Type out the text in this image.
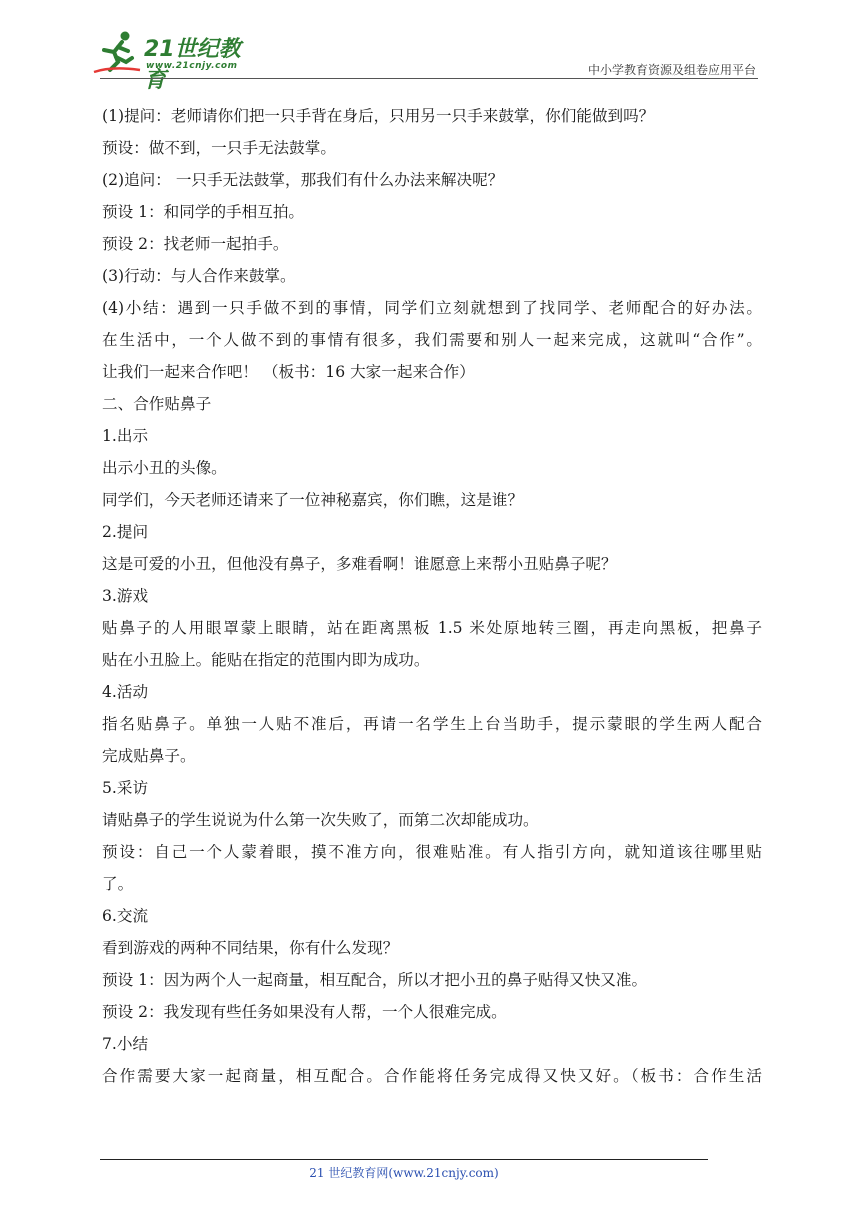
21世纪教育
www.21cnjy.com	中小学教育资源及组卷应用平台
(1)提问：老师请你们把一只手背在身后，只用另一只手来鼓掌，你们能做到吗？
预设：做不到，一只手无法鼓掌。
(2)追问： 一只手无法鼓掌，那我们有什么办法来解决呢？
预设 1：和同学的手相互拍。
预设 2：找老师一起拍手。
(3)行动：与人合作来鼓掌。
(4)小结：遇到一只手做不到的事情，同学们立刻就想到了找同学、老师配合的好办法。
在生活中，一个人做不到的事情有很多，我们需要和别人一起来完成，这就叫“合作”。
让我们一起来合作吧！ （板书：16 大家一起来合作）
二、合作贴鼻子
1.出示
出示小丑的头像。
同学们，今天老师还请来了一位神秘嘉宾，你们瞧，这是谁？
2.提问
这是可爱的小丑，但他没有鼻子，多难看啊！谁愿意上来帮小丑贴鼻子呢？
3.游戏
贴鼻子的人用眼罩蒙上眼睛，站在距离黑板 1.5 米处原地转三圈，再走向黑板，把鼻子
贴在小丑脸上。能贴在指定的范围内即为成功。
4.活动
指名贴鼻子。单独一人贴不准后，再请一名学生上台当助手，提示蒙眼的学生两人配合
完成贴鼻子。
5.采访
请贴鼻子的学生说说为什么第一次失败了，而第二次却能成功。
预设：自己一个人蒙着眼，摸不准方向，很难贴准。有人指引方向，就知道该往哪里贴
了。
6.交流
看到游戏的两种不同结果，你有什么发现？
预设 1：因为两个人一起商量，相互配合，所以才把小丑的鼻子贴得又快又准。
预设 2：我发现有些任务如果没有人帮，一个人很难完成。
7.小结
合作需要大家一起商量，相互配合。合作能将任务完成得又快又好。（板书：合作生活
21 世纪教育网(www.21cnjy.com)
